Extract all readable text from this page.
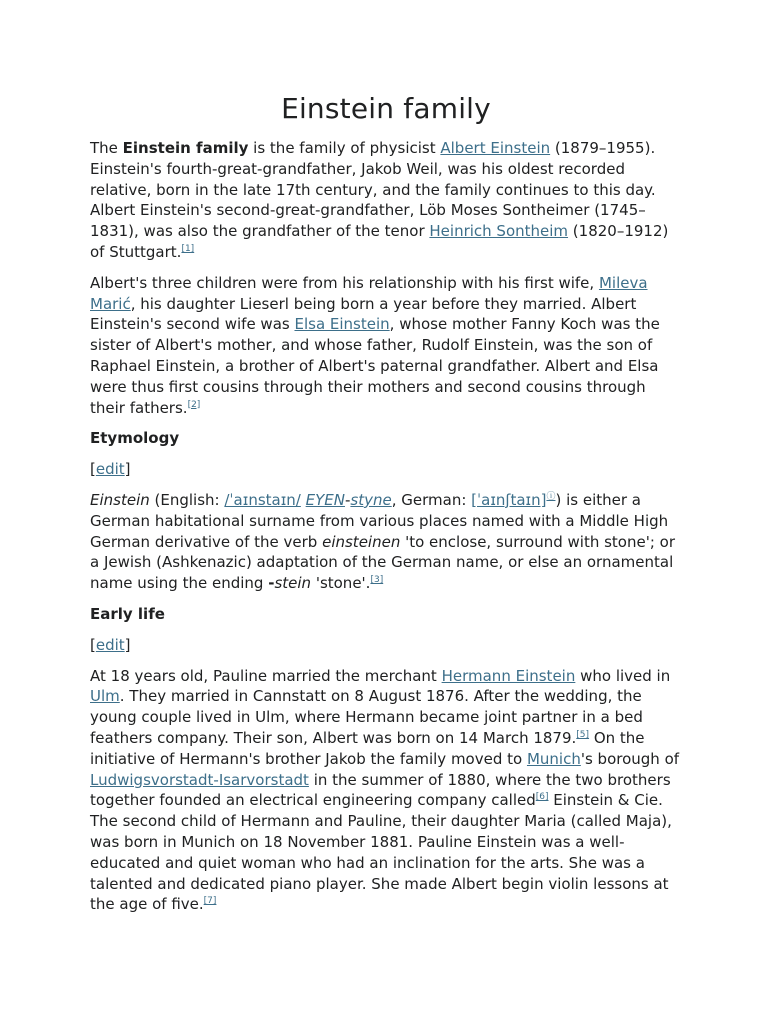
Einstein family

The Einstein family is the family of physicist Albert Einstein (1879–1955). Einstein's fourth-great-grandfather, Jakob Weil, was his oldest recorded relative, born in the late 17th century, and the family continues to this day. Albert Einstein's second-great-grandfather, Löb Moses Sontheimer (1745–1831), was also the grandfather of the tenor Heinrich Sontheim (1820–1912) of Stuttgart.[1]

Albert's three children were from his relationship with his first wife, Mileva Marić, his daughter Lieserl being born a year before they married. Albert Einstein's second wife was Elsa Einstein, whose mother Fanny Koch was the sister of Albert's mother, and whose father, Rudolf Einstein, was the son of Raphael Einstein, a brother of Albert's paternal grandfather. Albert and Elsa were thus first cousins through their mothers and second cousins through their fathers.[2]

Etymology

[edit]

Einstein (English: /ˈaɪnstaɪn/ EYEN-styne, German: [ˈaɪnʃtaɪn]ⓘ) is either a German habitational surname from various places named with a Middle High German derivative of the verb einsteinen 'to enclose, surround with stone'; or a Jewish (Ashkenazic) adaptation of the German name, or else an ornamental name using the ending -stein 'stone'.[3]

Early life

[edit]

At 18 years old, Pauline married the merchant Hermann Einstein who lived in Ulm. They married in Cannstatt on 8 August 1876. After the wedding, the young couple lived in Ulm, where Hermann became joint partner in a bed feathers company. Their son, Albert was born on 14 March 1879.[5] On the initiative of Hermann's brother Jakob the family moved to Munich's borough of Ludwigsvorstadt-Isarvorstadt in the summer of 1880, where the two brothers together founded an electrical engineering company called[6] Einstein & Cie. The second child of Hermann and Pauline, their daughter Maria (called Maja), was born in Munich on 18 November 1881. Pauline Einstein was a well-educated and quiet woman who had an inclination for the arts. She was a talented and dedicated piano player. She made Albert begin violin lessons at the age of five.[7]
